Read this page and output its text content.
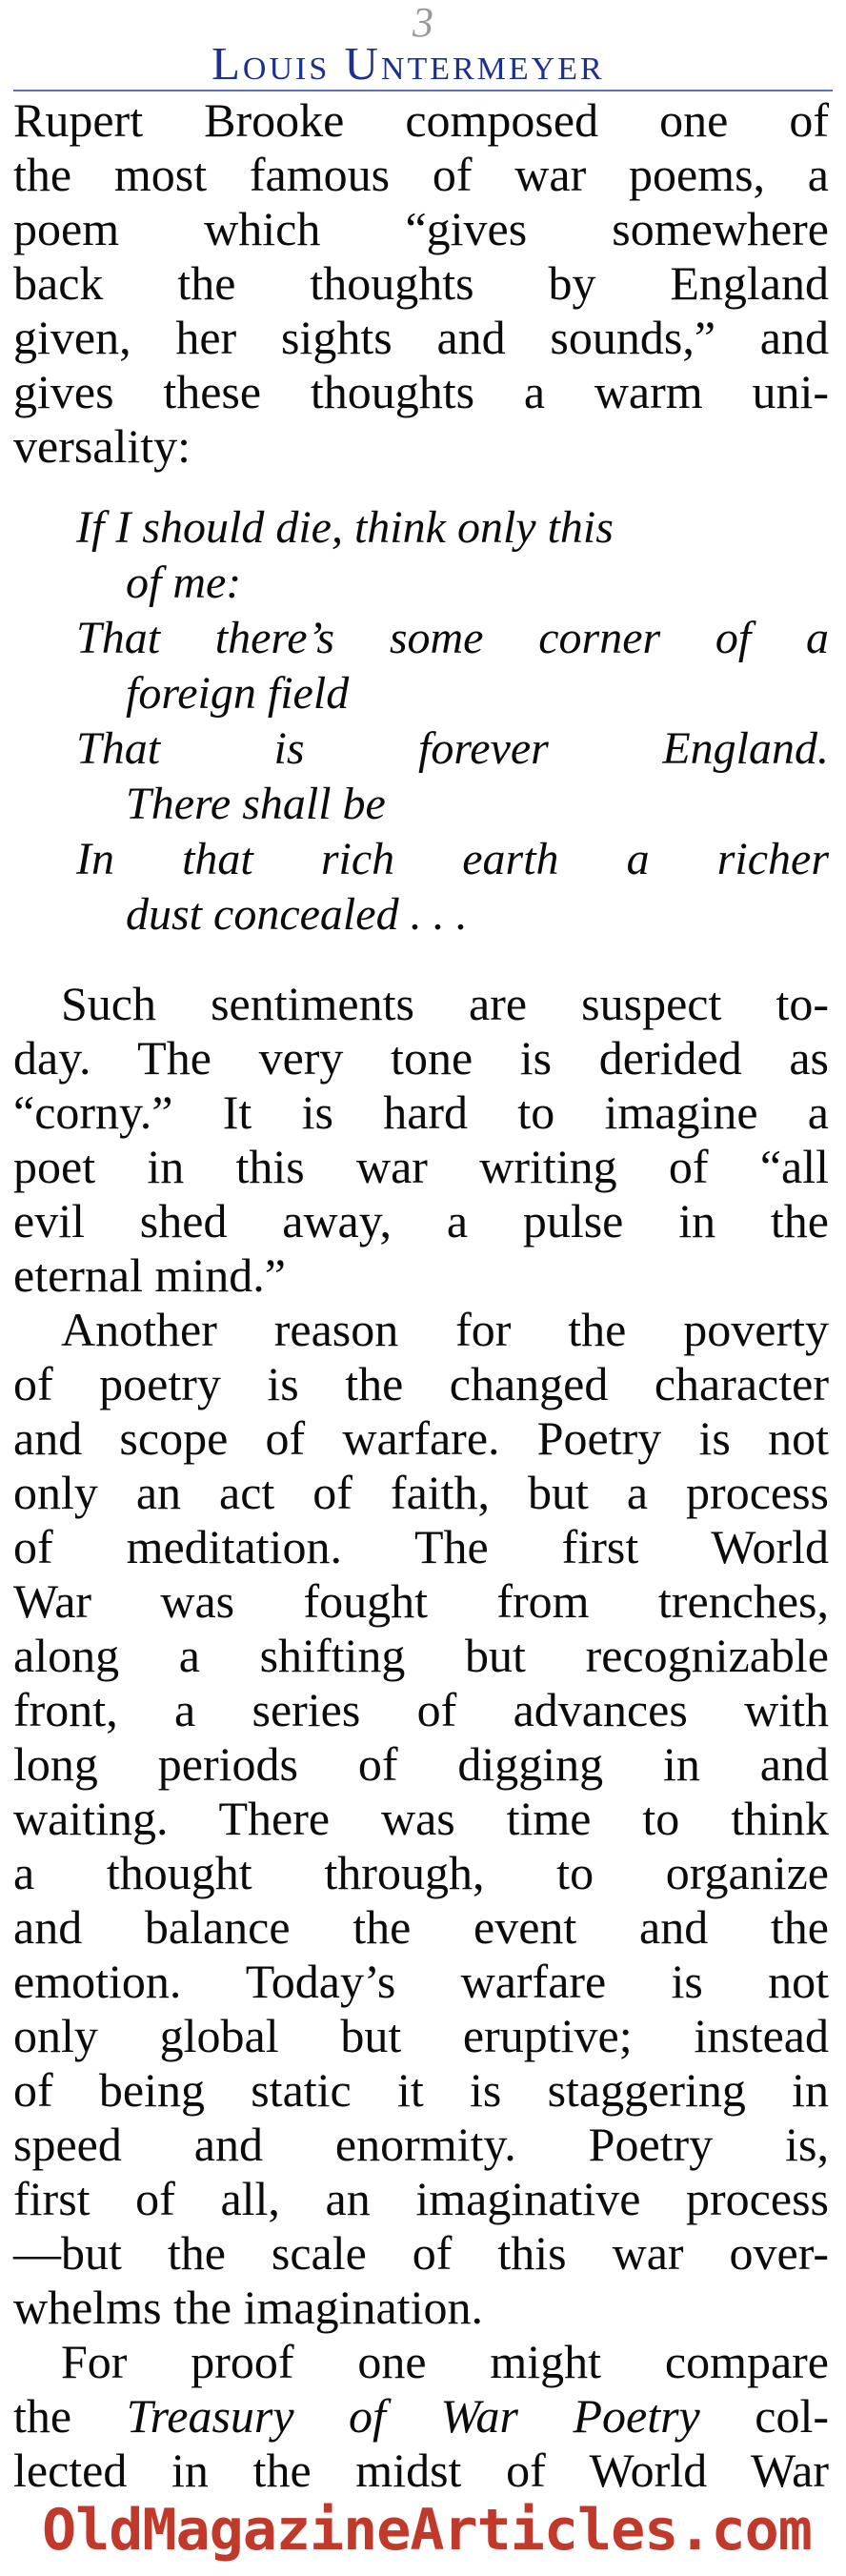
3
Louis Untermeyer
Rupert Brooke composed one of
the most famous of war poems, a
poem which “gives somewhere
back the thoughts by England
given, her sights and sounds,” and
gives these thoughts a warm uni-
versality:
If I should die, think only this
of me:
That there’s some corner of a
foreign field
That is forever England.
There shall be
In that rich earth a richer
dust concealed . . .
Such sentiments are suspect to-
day. The very tone is derided as
“corny.” It is hard to imagine a
poet in this war writing of “all
evil shed away, a pulse in the
eternal mind.”
Another reason for the poverty
of poetry is the changed character
and scope of warfare. Poetry is not
only an act of faith, but a process
of meditation. The first World
War was fought from trenches,
along a shifting but recognizable
front, a series of advances with
long periods of digging in and
waiting. There was time to think
a thought through, to organize
and balance the event and the
emotion. Today’s warfare is not
only global but eruptive; instead
of being static it is staggering in
speed and enormity. Poetry is,
first of all, an imaginative process
—but the scale of this war over-
whelms the imagination.
For proof one might compare
the Treasury of War Poetry col-
lected in the midst of World War
OldMagazineArticles.com
